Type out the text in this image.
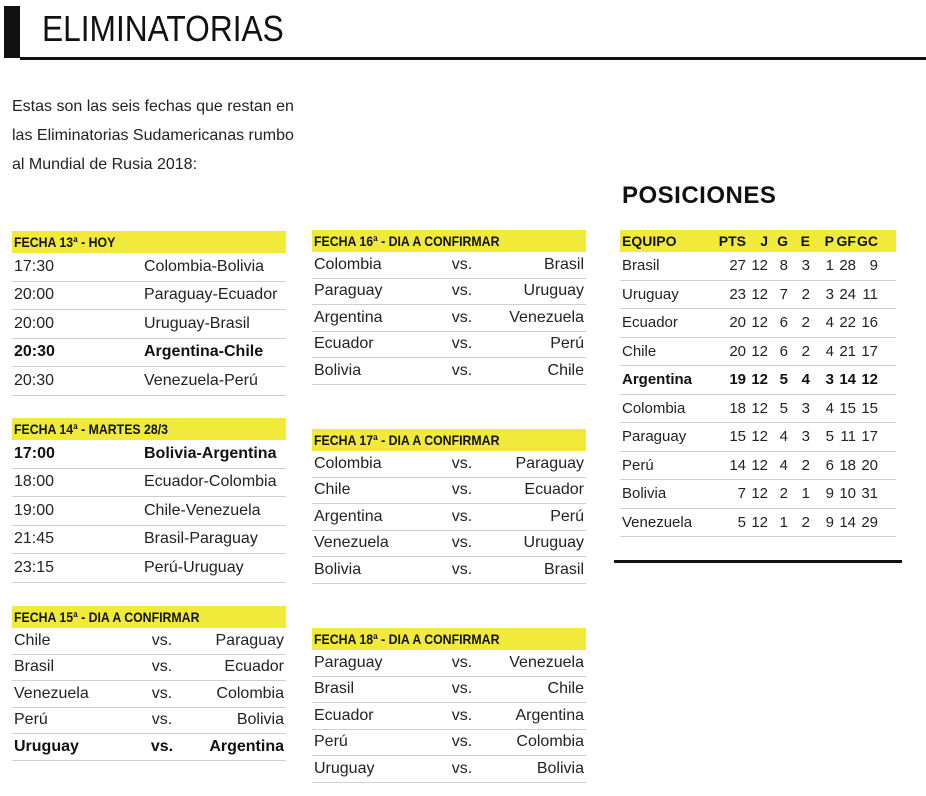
ELIMINATORIAS
Estas son las seis fechas que restan en las Eliminatorias Sudamericanas rumbo al Mundial de Rusia 2018:
FECHA 13ª - HOY
17:30	Colombia-Bolivia
20:00	Paraguay-Ecuador
20:00	Uruguay-Brasil
20:30	Argentina-Chile
20:30	Venezuela-Perú
FECHA 14ª - MARTES 28/3
17:00	Bolivia-Argentina
18:00	Ecuador-Colombia
19:00	Chile-Venezuela
21:45	Brasil-Paraguay
23:15	Perú-Uruguay
FECHA 15ª - DIA A CONFIRMAR
Chile	vs.	Paraguay
Brasil	vs.	Ecuador
Venezuela	vs.	Colombia
Perú	vs.	Bolivia
Uruguay	vs.	Argentina
FECHA 16ª - DIA A CONFIRMAR
Colombia	vs.	Brasil
Paraguay	vs.	Uruguay
Argentina	vs.	Venezuela
Ecuador	vs.	Perú
Bolivia	vs.	Chile
FECHA 17ª - DIA A CONFIRMAR
Colombia	vs.	Paraguay
Chile	vs.	Ecuador
Argentina	vs.	Perú
Venezuela	vs.	Uruguay
Bolivia	vs.	Brasil
FECHA 18ª - DIA A CONFIRMAR
Paraguay	vs.	Venezuela
Brasil	vs.	Chile
Ecuador	vs.	Argentina
Perú	vs.	Colombia
Uruguay	vs.	Bolivia
POSICIONES
EQUIPO	PTS	J G E	P GF GC
Brasil	27 12 8 3	1 28 9
Uruguay	23 12 7 2	3 24 11
Ecuador	20 12 6 2	4 22 16
Chile	20 12 6 2	4 21 17
Argentina	19 12 5 4	3 14 12
Colombia	18 12 5 3	4 15 15
Paraguay	15 12 4 3	5 11 17
Perú	14 12 4 2	6 18 20
Bolivia	7 12 2 1	9 10 31
Venezuela	5 12 1 2	9 14 29
